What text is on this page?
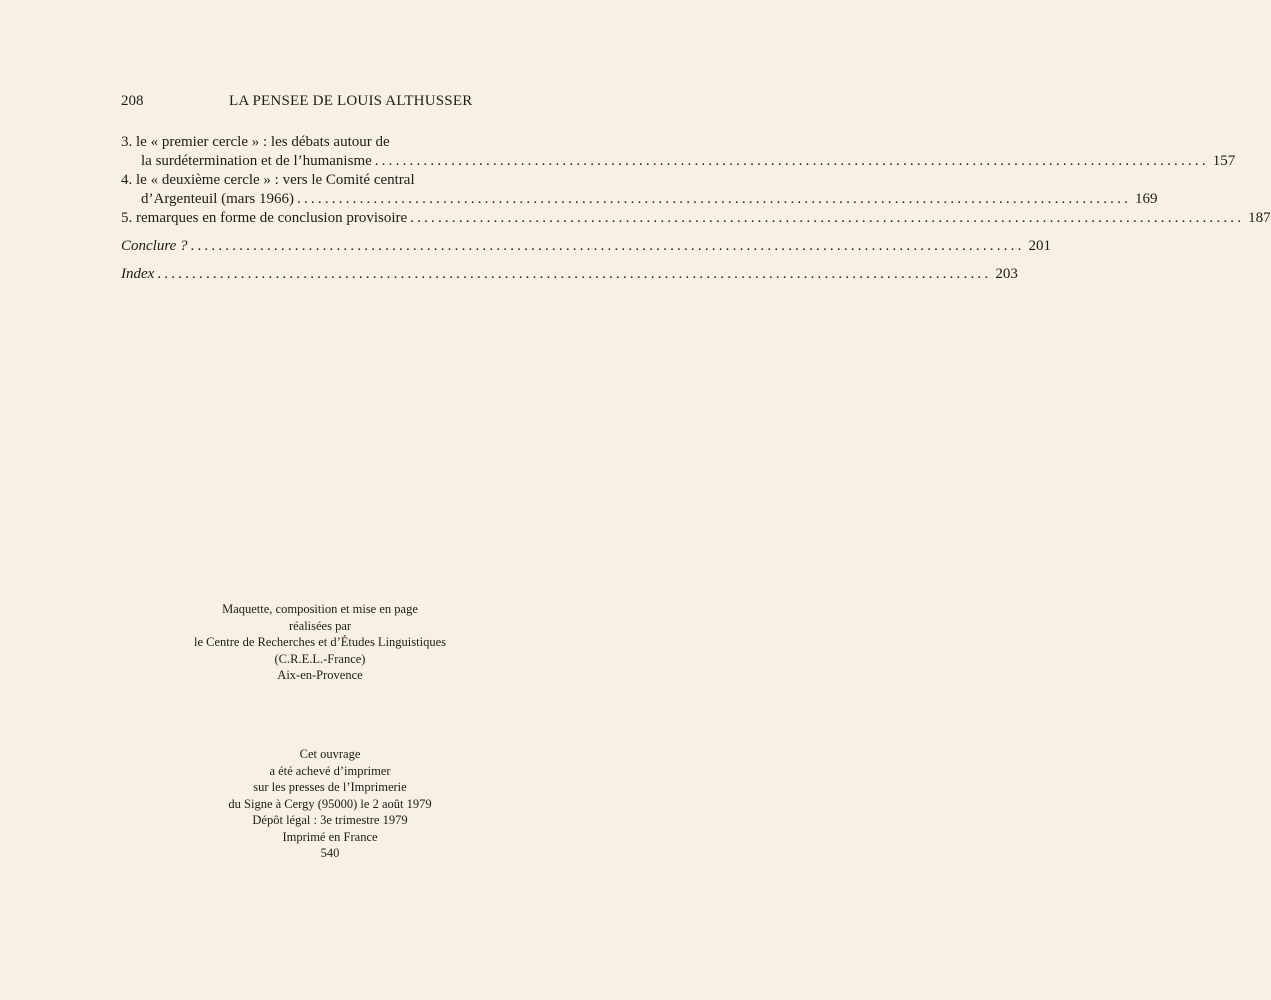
208	LA PENSEE DE LOUIS ALTHUSSER
3. le « premier cercle » : les débats autour de
la surdétermination et de l’humanisme ........................................................................................................................ 157
4. le « deuxième cercle » : vers le Comité central
d’Argenteuil (mars 1966) ........................................................................................................................ 169
5. remarques en forme de conclusion provisoire ........................................................................................................................ 187
Conclure ? ........................................................................................................................ 201
Index ........................................................................................................................ 203
Maquette, composition et mise en page
réalisées par
le Centre de Recherches et d’Études Linguistiques
(C.R.E.L.-France)
Aix-en-Provence
Cet ouvrage
a été achevé d’imprimer
sur les presses de l’Imprimerie
du Signe à Cergy (95000) le 2 août 1979
Dépôt légal : 3e trimestre 1979
Imprimé en France
540
